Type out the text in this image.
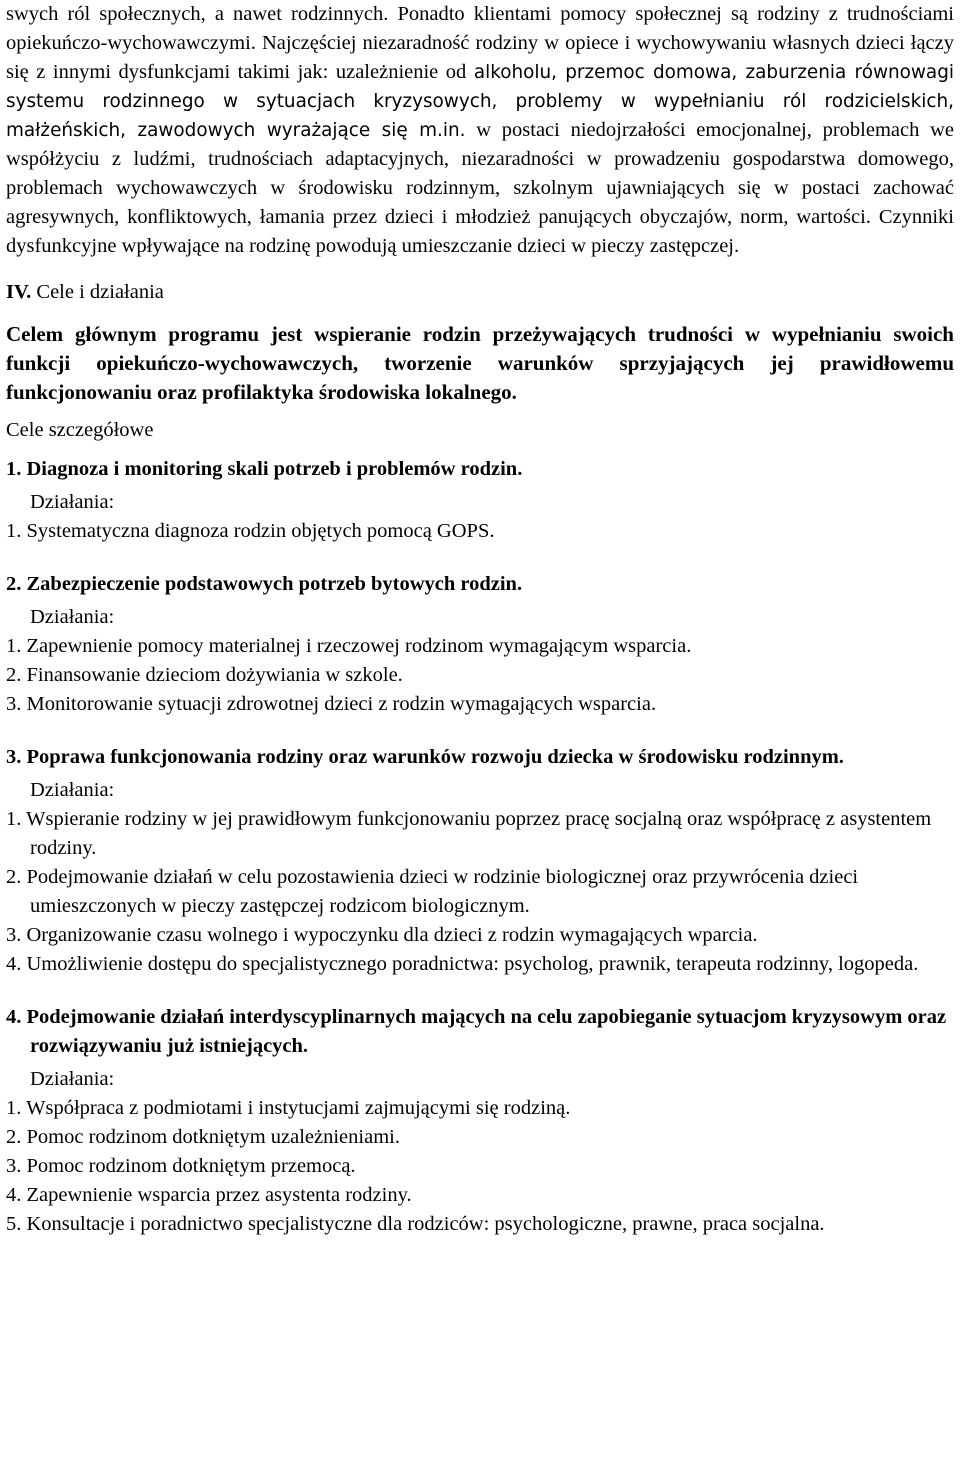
swych ról społecznych, a nawet rodzinnych. Ponadto klientami pomocy społecznej są rodziny z trudnościami opiekuńczo-wychowawczymi. Najczęściej niezaradność rodziny w opiece i wychowywaniu własnych dzieci łączy się z innymi dysfunkcjami takimi jak: uzależnienie od alkoholu, przemoc domowa, zaburzenia równowagi systemu rodzinnego w sytuacjach kryzysowych, problemy w wypełnianiu ról rodzicielskich, małżeńskich, zawodowych wyrażające się m.in. w postaci niedojrzałości emocjonalnej, problemach we współżyciu z ludźmi, trudnościach adaptacyjnych, niezaradności w prowadzeniu gospodarstwa domowego, problemach wychowawczych w środowisku rodzinnym, szkolnym ujawniających się w postaci zachować agresywnych, konfliktowych, łamania przez dzieci i młodzież panujących obyczajów, norm, wartości. Czynniki dysfunkcyjne wpływające na rodzinę powodują umieszczanie dzieci w pieczy zastępczej.

IV. Cele i działania

Celem głównym programu jest wspieranie rodzin przeżywających trudności w wypełnianiu swoich funkcji opiekuńczo-wychowawczych, tworzenie warunków sprzyjających jej prawidłowemu funkcjonowaniu oraz profilaktyka środowiska lokalnego.

Cele szczegółowe

1. Diagnoza i monitoring skali potrzeb i problemów rodzin.

Działania:

1. Systematyczna diagnoza rodzin objętych pomocą GOPS.

2. Zabezpieczenie podstawowych potrzeb bytowych rodzin.

Działania:

1. Zapewnienie pomocy materialnej i rzeczowej rodzinom wymagającym wsparcia.
2. Finansowanie dzieciom dożywiania w szkole.
3. Monitorowanie sytuacji zdrowotnej dzieci z rodzin wymagających wsparcia.

3. Poprawa funkcjonowania rodziny oraz warunków rozwoju dziecka w środowisku rodzinnym.

Działania:

1. Wspieranie rodziny w jej prawidłowym funkcjonowaniu poprzez pracę socjalną oraz współpracę z asystentem rodziny.
2. Podejmowanie działań w celu pozostawienia dzieci w rodzinie biologicznej oraz przywrócenia dzieci umieszczonych w pieczy zastępczej rodzicom biologicznym.
3. Organizowanie czasu wolnego i wypoczynku dla dzieci z rodzin wymagających wparcia.
4. Umożliwienie dostępu do specjalistycznego poradnictwa: psycholog, prawnik, terapeuta rodzinny, logopeda.

4. Podejmowanie działań interdyscyplinarnych mających na celu zapobieganie sytuacjom kryzysowym oraz rozwiązywaniu już istniejących.

Działania:

1. Współpraca z podmiotami i instytucjami zajmującymi się rodziną.
2. Pomoc rodzinom dotkniętym uzależnieniami.
3. Pomoc rodzinom dotkniętym przemocą.
4. Zapewnienie wsparcia przez asystenta rodziny.
5. Konsultacje i poradnictwo specjalistyczne dla rodziców: psychologiczne, prawne, praca socjalna.
